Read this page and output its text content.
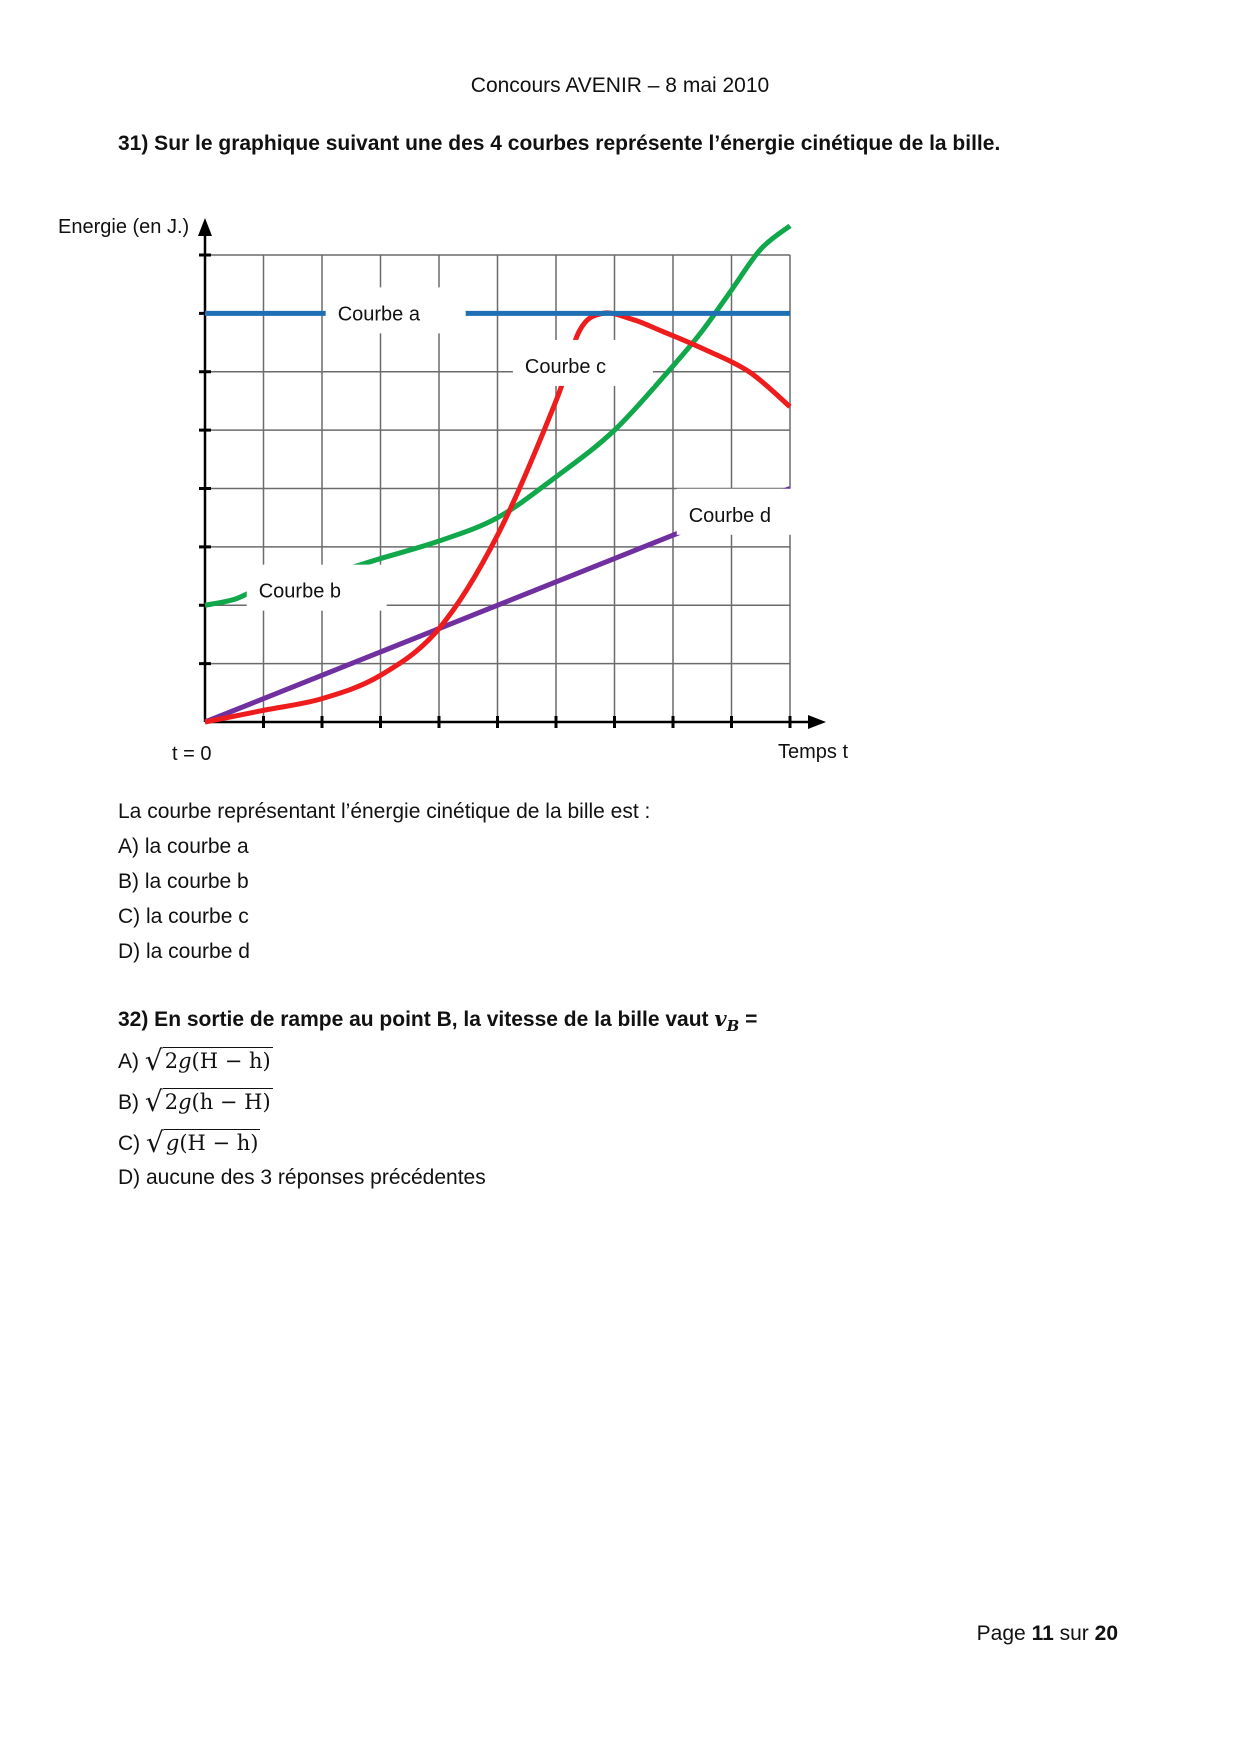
Concours AVENIR – 8 mai 2010
31) Sur le graphique suivant une des 4 courbes représente l’énergie cinétique de la bille.
Courbe a
Courbe b
Courbe c
Courbe d
Energie (en J.)
Temps t
t = 0
La courbe représentant l’énergie cinétique de la bille est :
A) la courbe a
B) la courbe b
C) la courbe c
D) la courbe d
32) En sortie de rampe au point B, la vitesse de la bille vaut $v_B$ =
A) √2g(H − h)
B) √2g(h − H)
C) √g(H − h)
D) aucune des 3 réponses précédentes
Page 11 sur 20
